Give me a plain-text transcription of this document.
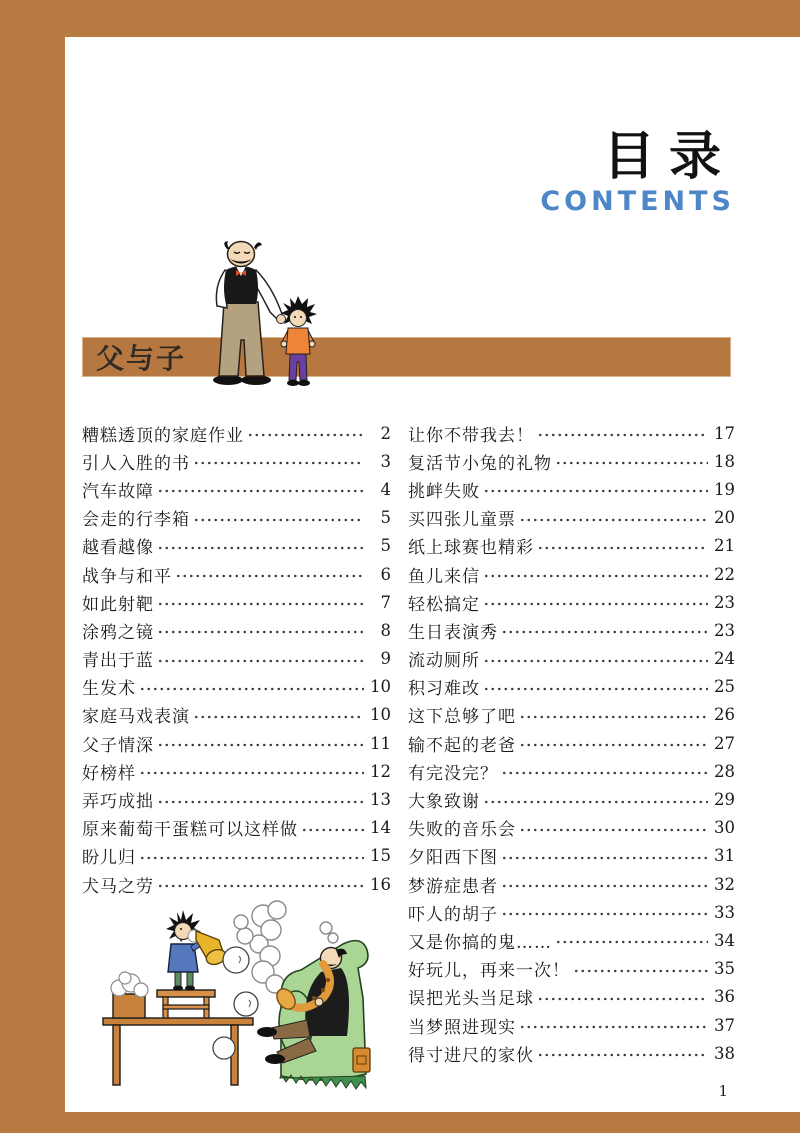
目录
CONTENTS
父与子
糟糕透顶的家庭作业	2
引人入胜的书	3
汽车故障	4
会走的行李箱	5
越看越像	5
战争与和平	6
如此射靶	7
涂鸦之镜	8
青出于蓝	9
生发术	10
家庭马戏表演	10
父子情深	11
好榜样	12
弄巧成拙	13
原来葡萄干蛋糕可以这样做	14
盼儿归	15
犬马之劳	16
让你不带我去！	17
复活节小兔的礼物	18
挑衅失败	19
买四张儿童票	20
纸上球赛也精彩	21
鱼儿来信	22
轻松搞定	23
生日表演秀	23
流动厕所	24
积习难改	25
这下总够了吧	26
输不起的老爸	27
有完没完？	28
大象致谢	29
失败的音乐会	30
夕阳西下图	31
梦游症患者	32
吓人的胡子	33
又是你搞的鬼……	34
好玩儿，再来一次！	35
误把光头当足球	36
当梦照进现实	37
得寸进尺的家伙	38
1
